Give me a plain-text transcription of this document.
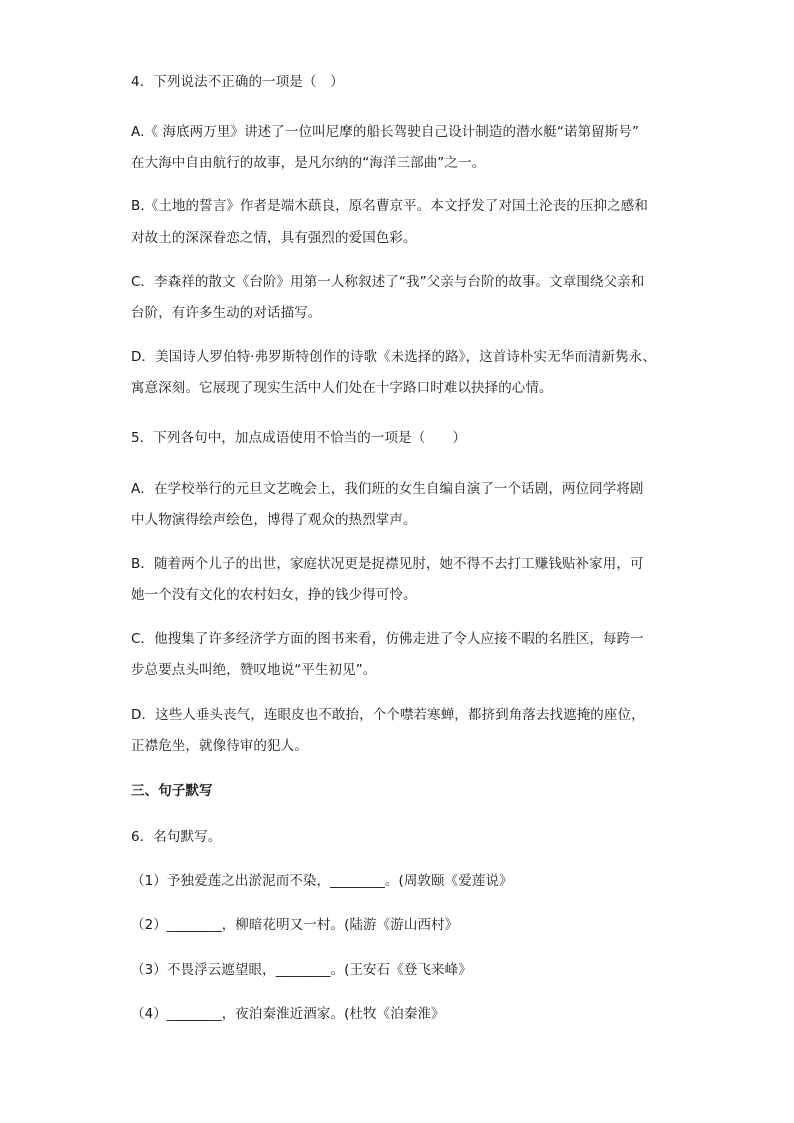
4．下列说法不正确的一项是（　）
A.《 海底两万里》讲述了一位叫尼摩的船长驾驶自己设计制造的潜水艇“诺第留斯号”
在大海中自由航行的故事，是凡尔纳的“海洋三部曲”之一。
B.《土地的誓言》作者是端木蕻良，原名曹京平。本文抒发了对国土沦丧的压抑之感和
对故土的深深眷恋之情，具有强烈的爱国色彩。
C．李森祥的散文《台阶》用第一人称叙述了“我”父亲与台阶的故事。文章围绕父亲和
台阶，有许多生动的对话描写。
D．美国诗人罗伯特·弗罗斯特创作的诗歌《未选择的路》，这首诗朴实无华而清新隽永、
寓意深刻。它展现了现实生活中人们处在十字路口时难以抉择的心情。
5．下列各句中，加点成语使用不恰当的一项是（　　）
A．在学校举行的元旦文艺晚会上，我们班的女生自编自演了一个话剧，两位同学将剧
中人物演得绘声绘色，博得了观众的热烈掌声。
B．随着两个儿子的出世，家庭状况更是捉襟见肘，她不得不去打工赚钱贴补家用，可
她一个没有文化的农村妇女，挣的钱少得可怜。
C．他搜集了许多经济学方面的图书来看，仿佛走进了令人应接不暇的名胜区，每跨一
步总要点头叫绝，赞叹地说“平生初见”。
D．这些人垂头丧气，连眼皮也不敢抬，个个噤若寒蝉，都挤到角落去找遮掩的座位，
正襟危坐，就像待审的犯人。
三、句子默写
6．名句默写。
（1）予独爱莲之出淤泥而不染，________。(周敦颐《爱莲说》
（2）________，柳暗花明又一村。(陆游《游山西村》
（3）不畏浮云遮望眼，________。(王安石《登飞来峰》
（4）________，夜泊秦淮近酒家。(杜牧《泊秦淮》
